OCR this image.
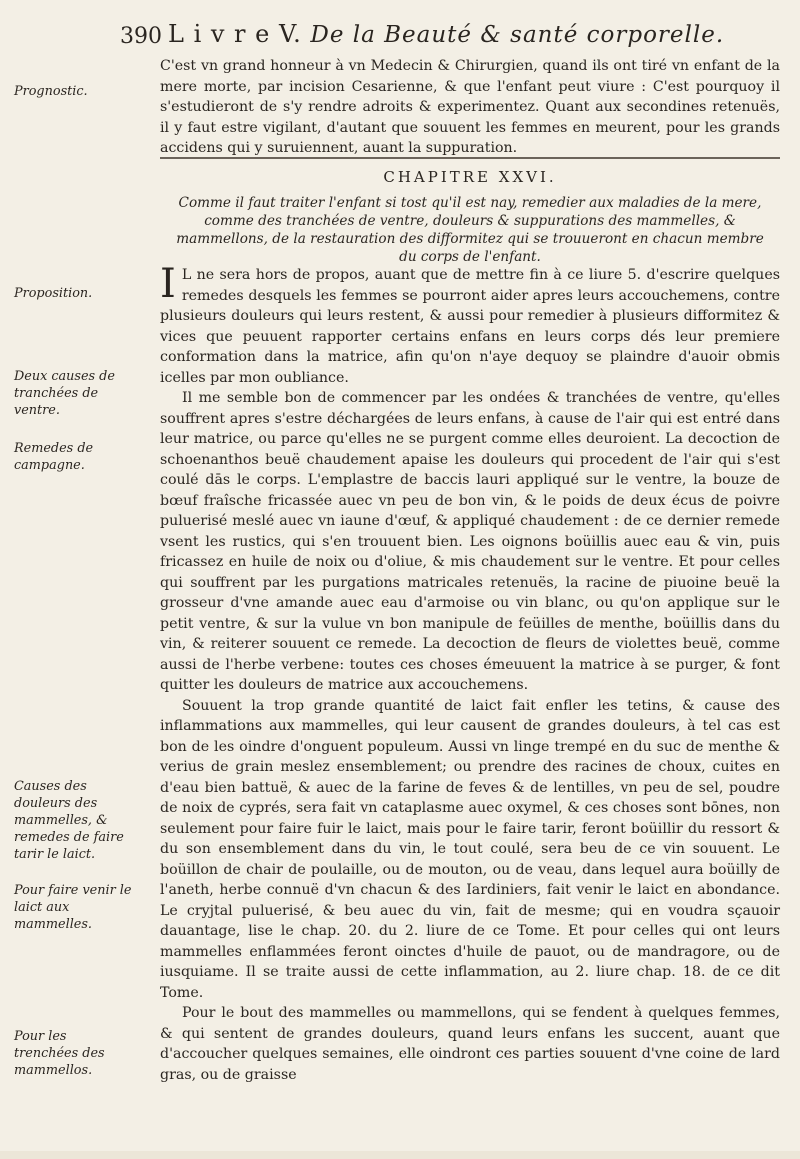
390 L i v r e V. De la Beauté & santé corporelle.
Prognostic.
Proposition.
Deux causes de tranchées de ventre.
Remedes de campagne.
Causes des douleurs des mammelles, & remedes de faire tarir le laict.
Pour faire venir le laict aux mammelles.
Pour les trenchées des mammellos.
C'est vn grand honneur à vn Medecin & Chirurgien, quand ils ont tiré vn enfant de la mere morte, par incision Cesarienne, & que l'enfant peut viure : C'est pourquoy il s'estudieront de s'y rendre adroits & experimentez. Quant aux secondines retenuës, il y faut estre vigilant, d'autant que souuent les femmes en meurent, pour les grands accidens qui y suruiennent, auant la suppuration.
CHAPITRE XXVI.
Comme il faut traiter l'enfant si tost qu'il est nay, remedier aux maladies de la mere, comme des tranchées de ventre, douleurs & suppurations des mammelles, & mammellons, de la restauration des difformitez qui se trouueront en chacun membre du corps de l'enfant.

I L ne sera hors de propos, auant que de mettre fin à ce liure 5. d'escrire quelques remedes desquels les femmes se pourront aider apres leurs accouchemens, contre plusieurs douleurs qui leurs restent, & aussi pour remedier à plusieurs difformitez & vices que peuuent rapporter certains enfans en leurs corps dés leur premiere conformation dans la matrice, afin qu'on n'aye dequoy se plaindre d'auoir obmis icelles par mon oubliance.

Il me semble bon de commencer par les ondées & tranchées de ventre, qu'elles souffrent apres s'estre déchargées de leurs enfans, à cause de l'air qui est entré dans leur matrice, ou parce qu'elles ne se purgent comme elles deuroient. La decoction de schoenanthos beuë chaudement apaise les douleurs qui procedent de l'air qui s'est coulé dās le corps. L'emplastre de baccis lauri appliqué sur le ventre, la bouze de bœuf fraîsche fricassée auec vn peu de bon vin, & le poids de deux écus de poivre puluerisé meslé auec vn iaune d'œuf, & appliqué chaudement : de ce dernier remede vsent les rustics, qui s'en trouuent bien. Les oignons boüillis auec eau & vin, puis fricassez en huile de noix ou d'oliue, & mis chaudement sur le ventre. Et pour celles qui souffrent par les purgations matricales retenuës, la racine de piuoine beuë la grosseur d'vne amande auec eau d'armoise ou vin blanc, ou qu'on applique sur le petit ventre, & sur la vulue vn bon manipule de feüilles de menthe, boüillis dans du vin, & reiterer souuent ce remede. La decoction de fleurs de violettes beuë, comme aussi de l'herbe verbene: toutes ces choses émeuuent la matrice à se purger, & font quitter les douleurs de matrice aux accouchemens.

Souuent la trop grande quantité de laict fait enfler les tetins, & cause des inflammations aux mammelles, qui leur causent de grandes douleurs, à tel cas est bon de les oindre d'onguent populeum. Aussi vn linge trempé en du suc de menthe & verius de grain meslez ensemblement; ou prendre des racines de choux, cuites en d'eau bien battuë, & auec de la farine de feves & de lentilles, vn peu de sel, poudre de noix de cyprés, sera fait vn cataplasme auec oxymel, & ces choses sont bōnes, non seulement pour faire fuir le laict, mais pour le faire tarir, feront boüillir du ressort & du son ensemblement dans du vin, le tout coulé, sera beu de ce vin souuent. Le boüillon de chair de poulaille, ou de mouton, ou de veau, dans lequel aura boüilly de l'aneth, herbe connuë d'vn chacun & des Iardiniers, fait venir le laict en abondance. Le cryjtal puluerisé, & beu auec du vin, fait de mesme; qui en voudra sçauoir dauantage, lise le chap. 20. du 2. liure de ce Tome. Et pour celles qui ont leurs mammelles enflammées feront oinctes d'huile de pauot, ou de mandragore, ou de iusquiame. Il se traite aussi de cette inflammation, au 2. liure chap. 18. de ce dit Tome.

Pour le bout des mammelles ou mammellons, qui se fendent à quelques femmes, & qui sentent de grandes douleurs, quand leurs enfans les succent, auant que d'accoucher quelques semaines, elle oindront ces parties souuent d'vne coine de lard gras, ou de graisse
